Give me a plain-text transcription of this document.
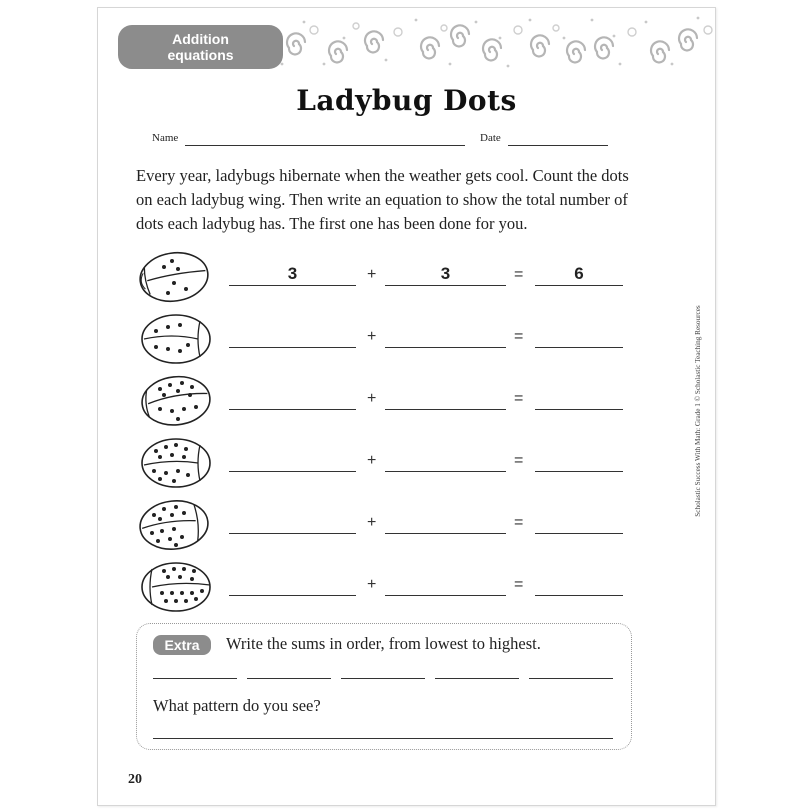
Addition
equations
Ladybug Dots
Name	Date
Every year, ladybugs hibernate when the weather gets cool. Count the dots on each ladybug wing. Then write an equation to show the total number of dots each ladybug has. The first one has been done for you.
3	+	3	=	6
+	=
+	=
+	=
+	=
+	=
Extra	Write the sums in order, from lowest to highest.
What pattern do you see?
Scholastic Success With Math: Grade 1 © Scholastic Teaching Resources
20
